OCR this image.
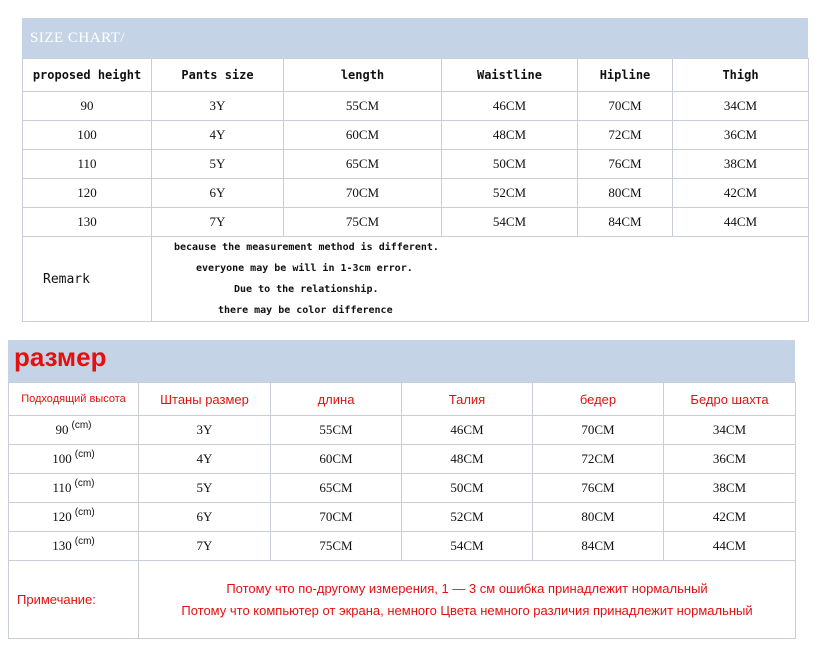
SIZE CHART/
proposed height	Pants size	length	Waistline	Hipline	Thigh
90	3Y	55CM	46CM	70CM	34CM
100	4Y	60CM	48CM	72CM	36CM
110	5Y	65CM	50CM	76CM	38CM
120	6Y	70CM	52CM	80CM	42CM
130	7Y	75CM	54CM	84CM	44CM
Remark	because the measurement method is different.
everyone may be will in 1-3cm error.
Due to the relationship.
there may be color difference				
размер
Подходящий высота	Штаны размер	длина	Талия	бедер	Бедро шахта
90 $^{(cm)}$	3Y	55CM	46CM	70CM	34CM
100 $^{(cm)}$	4Y	60CM	48CM	72CM	36CM
110 $^{(cm)}$	5Y	65CM	50CM	76CM	38CM
120 $^{(cm)}$	6Y	70CM	52CM	80CM	42CM
130 $^{(cm)}$	7Y	75CM	54CM	84CM	44CM
Примечание:	Потому что по-другому измерения, 1 — 3 см ошибка принадлежит нормальный
Потому что компьютер от экрана, немного Цвета немного различия принадлежит нормальный				
